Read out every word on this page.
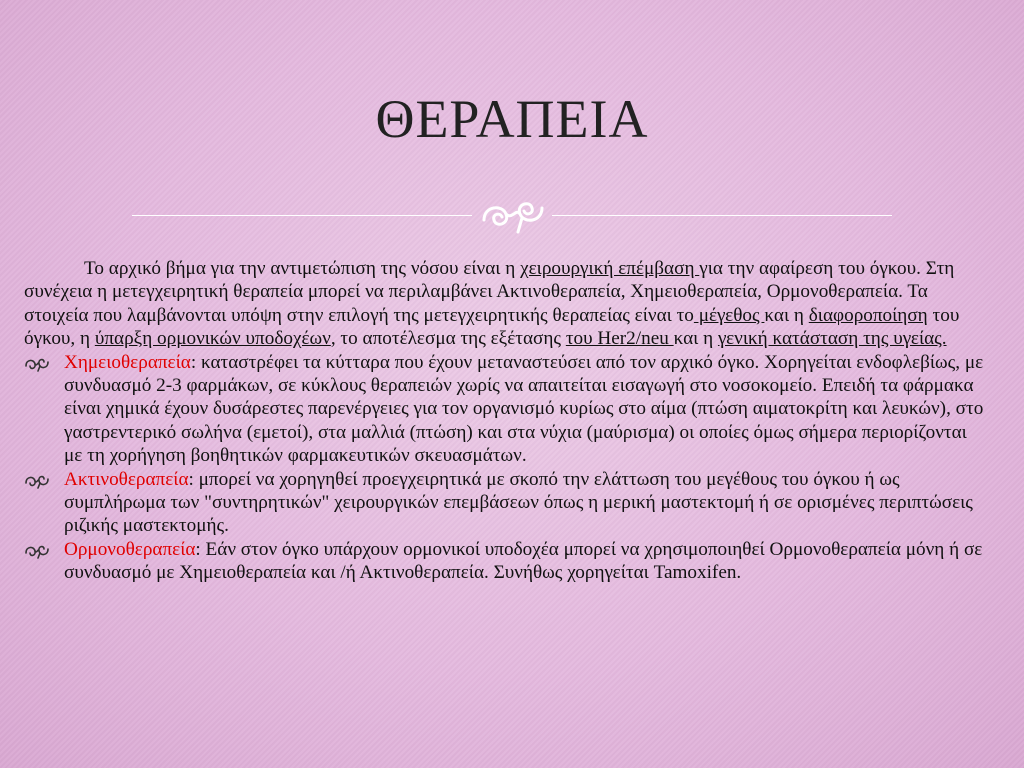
ΘΕΡΑΠΕΙΑ

Το αρχικό βήμα για την αντιμετώπιση της νόσου είναι η χειρουργική επέμβαση για την αφαίρεση του όγκου. Στη συνέχεια η μετεγχειρητική θεραπεία μπορεί να περιλαμβάνει Ακτινοθεραπεία, Χημειοθεραπεία, Ορμονοθεραπεία. Τα στοιχεία που λαμβάνονται υπόψη στην επιλογή της μετεγχειρητικής θεραπείας είναι το μέγεθος και η διαφοροποίηση του όγκου, η ύπαρξη ορμονικών υποδοχέων, το αποτέλεσμα της εξέτασης του Her2/neu και η γενική κατάσταση της υγείας.

Χημειοθεραπεία: καταστρέφει τα κύτταρα που έχουν μεταναστεύσει από τον αρχικό όγκο. Χορηγείται ενδοφλεβίως, με συνδυασμό 2-3 φαρμάκων, σε κύκλους θεραπειών χωρίς να απαιτείται εισαγωγή στο νοσοκομείο. Επειδή τα φάρμακα είναι χημικά έχουν δυσάρεστες παρενέργειες για τον οργανισμό κυρίως στο αίμα (πτώση αιματοκρίτη και λευκών), στο γαστρεντερικό σωλήνα (εμετοί), στα μαλλιά (πτώση) και στα νύχια (μαύρισμα) οι οποίες όμως σήμερα περιορίζονται με τη χορήγηση βοηθητικών φαρμακευτικών σκευασμάτων.
Ακτινοθεραπεία: μπορεί να χορηγηθεί προεγχειρητικά με σκοπό την ελάττωση του μεγέθους του όγκου ή ως συμπλήρωμα των "συντηρητικών" χειρουργικών επεμβάσεων όπως η μερική μαστεκτομή ή σε ορισμένες περιπτώσεις ριζικής μαστεκτομής.
Ορμονοθεραπεία: Εάν στον όγκο υπάρχουν ορμονικοί υποδοχέα μπορεί να χρησιμοποιηθεί Ορμονοθεραπεία μόνη ή σε συνδυασμό με Χημειοθεραπεία και /ή Ακτινοθεραπεία. Συνήθως χορηγείται Tamoxifen.
